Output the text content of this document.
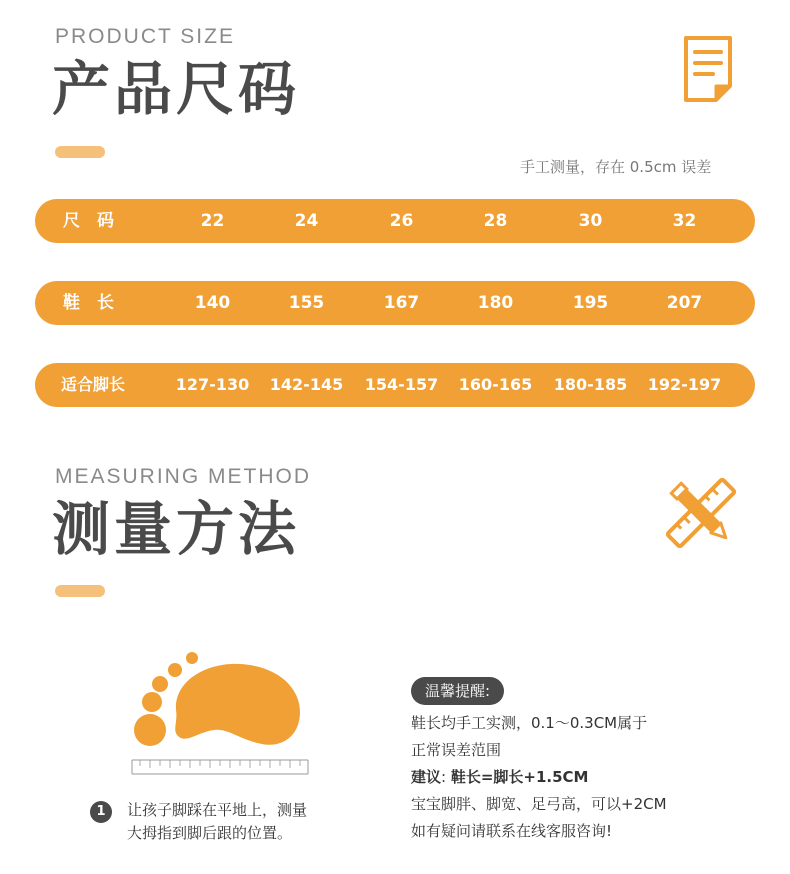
PRODUCT SIZE
产品尺码
手工测量，存在 0.5cm 误差
尺　码	22	24	26	28	30	32
鞋　长	140	155	167	180	195	207
适合脚长	127-130	142-145	154-157	160-165	180-185	192-197
MEASURING METHOD
测量方法
1	让孩子脚踩在平地上，测量
大拇指到脚后跟的位置。
温馨提醒:
鞋长均手工实测，0.1～0.3CM属于
正常误差范围
建议: 鞋长=脚长+1.5CM
宝宝脚胖、脚宽、足弓高，可以+2CM
如有疑问请联系在线客服咨询!
